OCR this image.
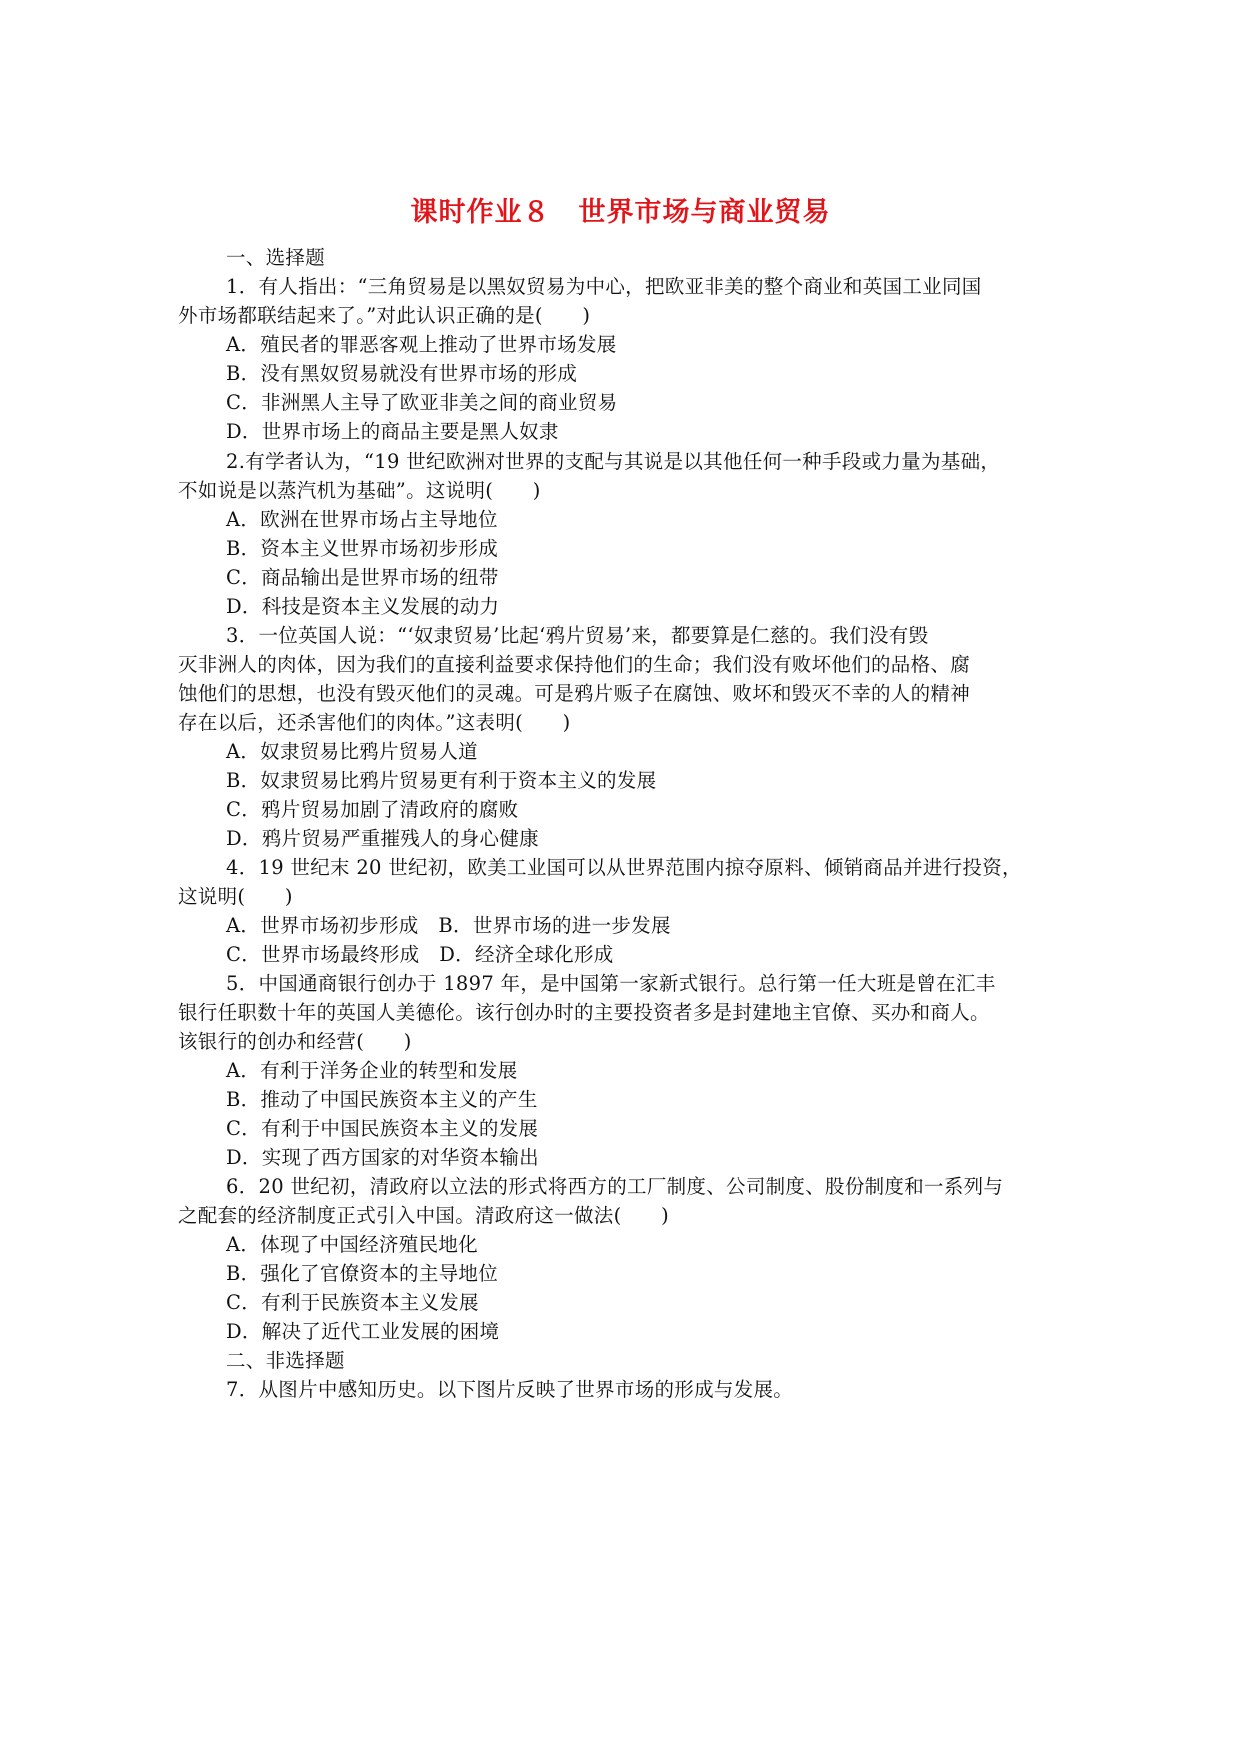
课时作业８　世界市场与商业贸易
一、选择题
1．有人指出：“三角贸易是以黑奴贸易为中心，把欧亚非美的整个商业和英国工业同国
外市场都联结起来了。”对此认识正确的是(　　)
A．殖民者的罪恶客观上推动了世界市场发展
B．没有黑奴贸易就没有世界市场的形成
C．非洲黑人主导了欧亚非美之间的商业贸易
D．世界市场上的商品主要是黑人奴隶
2.有学者认为，“19 世纪欧洲对世界的支配与其说是以其他任何一种手段或力量为基础，
不如说是以蒸汽机为基础”。这说明(　　)
A．欧洲在世界市场占主导地位
B．资本主义世界市场初步形成
C．商品输出是世界市场的纽带
D．科技是资本主义发展的动力
3．一位英国人说：“‘奴隶贸易’比起‘鸦片贸易’来，都要算是仁慈的。我们没有毁
灭非洲人的肉体，因为我们的直接利益要求保持他们的生命；我们没有败坏他们的品格、腐
蚀他们的思想，也没有毁灭他们的灵魂。可是鸦片贩子在腐蚀、败坏和毁灭不幸的人的精神
存在以后，还杀害他们的肉体。”这表明(　　)
A．奴隶贸易比鸦片贸易人道
B．奴隶贸易比鸦片贸易更有利于资本主义的发展
C．鸦片贸易加剧了清政府的腐败
D．鸦片贸易严重摧残人的身心健康
4．19 世纪末 20 世纪初，欧美工业国可以从世界范围内掠夺原料、倾销商品并进行投资，
这说明(　　)
A．世界市场初步形成　B．世界市场的进一步发展
C．世界市场最终形成　D．经济全球化形成
5．中国通商银行创办于 1897 年，是中国第一家新式银行。总行第一任大班是曾在汇丰
银行任职数十年的英国人美德伦。该行创办时的主要投资者多是封建地主官僚、买办和商人。
该银行的创办和经营(　　)
A．有利于洋务企业的转型和发展
B．推动了中国民族资本主义的产生
C．有利于中国民族资本主义的发展
D．实现了西方国家的对华资本输出
6．20 世纪初，清政府以立法的形式将西方的工厂制度、公司制度、股份制度和一系列与
之配套的经济制度正式引入中国。清政府这一做法(　　)
A．体现了中国经济殖民地化
B．强化了官僚资本的主导地位
C．有利于民族资本主义发展
D．解决了近代工业发展的困境
二、非选择题
7．从图片中感知历史。以下图片反映了世界市场的形成与发展。
